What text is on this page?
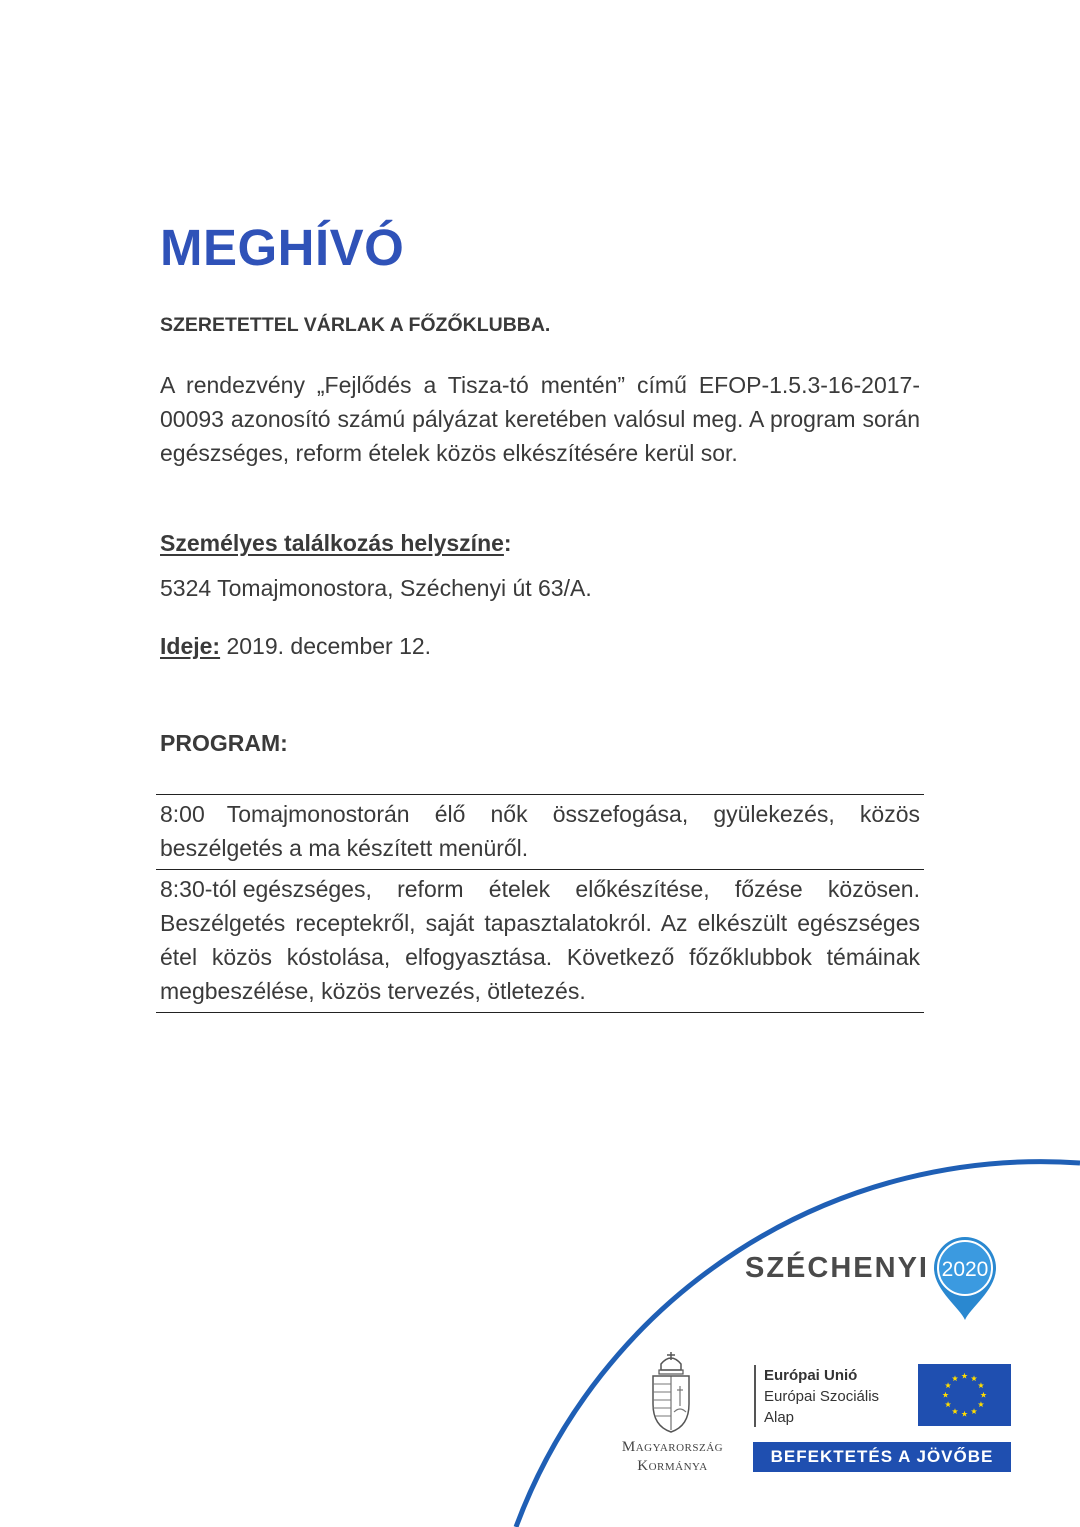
MEGHÍVÓ

SZERETETTEL VÁRLAK A FŐZŐKLUBBA.

A rendezvény „Fejlődés a Tisza-tó mentén” című EFOP-1.5.3-16-2017-00093 azonosító számú pályázat keretében valósul meg. A program során egészséges, reform ételek közös elkészítésére kerül sor.

Személyes találkozás helyszíne:

5324 Tomajmonostora, Széchenyi út 63/A.

Ideje: 2019. december 12.

PROGRAM:

8:00 Tomajmonostorán élő nők összefogása, gyülekezés, közös beszélgetés a ma készített menüről.
8:30-tól egészséges, reform ételek előkészítése, főzése közösen. Beszélgetés receptekről, saját tapasztalatokról. Az elkészült egészséges étel közös kóstolása, elfogyasztása. Következő főzőklubbok témáinak megbeszélése, közös tervezés, ötletezés.
SZÉCHENYI 2020
Magyarország
Kormánya
Európai Unió
Európai Szociális
Alap
BEFEKTETÉS A JÖVŐBE
